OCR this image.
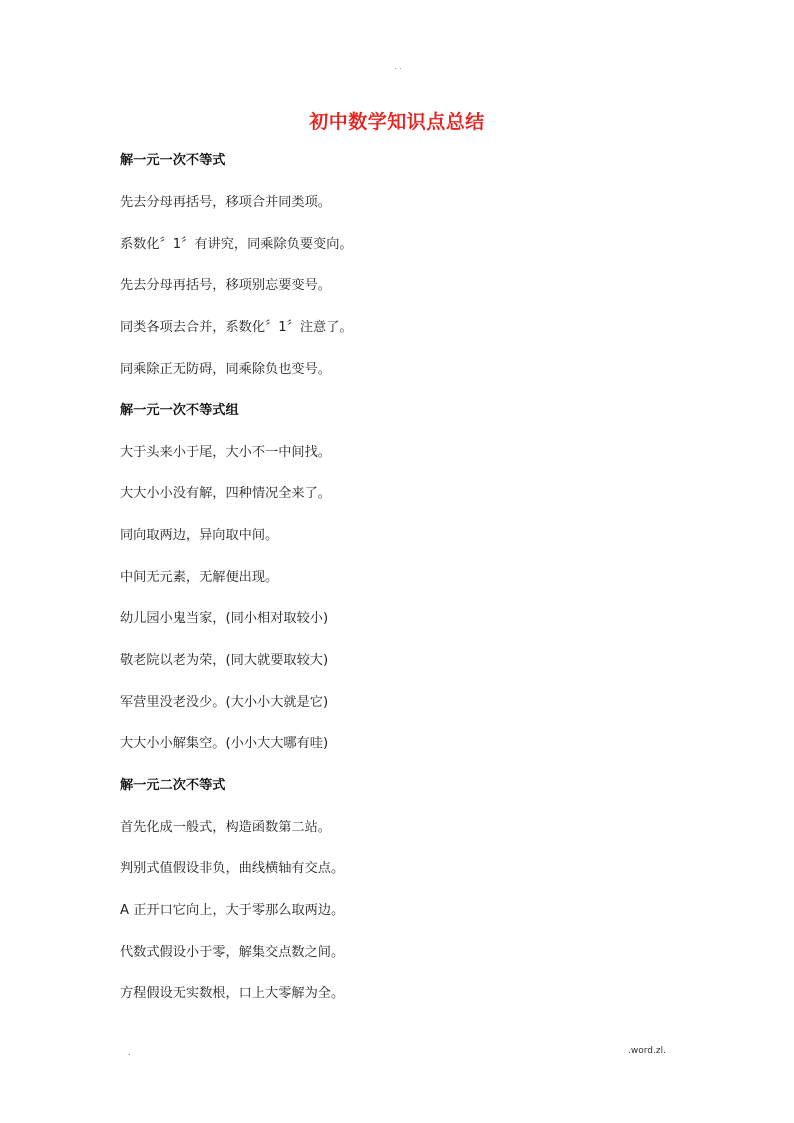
. .
初中数学知识点总结
解一元一次不等式
先去分母再括号，移项合并同类项。
系数化〞1〞有讲究，同乘除负要变向。
先去分母再括号，移项别忘要变号。
同类各项去合并，系数化〞1〞注意了。
同乘除正无防碍，同乘除负也变号。
解一元一次不等式组
大于头来小于尾，大小不一中间找。
大大小小没有解，四种情况全来了。
同向取两边，异向取中间。
中间无元素，无解便出现。
幼儿园小鬼当家，(同小相对取较小)
敬老院以老为荣，(同大就要取较大)
军营里没老没少。(大小小大就是它)
大大小小解集空。(小小大大哪有哇)
解一元二次不等式
首先化成一般式，构造函数第二站。
判别式值假设非负，曲线横轴有交点。
A 正开口它向上，大于零那么取两边。
代数式假设小于零，解集交点数之间。
方程假设无实数根，口上大零解为全。
.	.word.zl.
